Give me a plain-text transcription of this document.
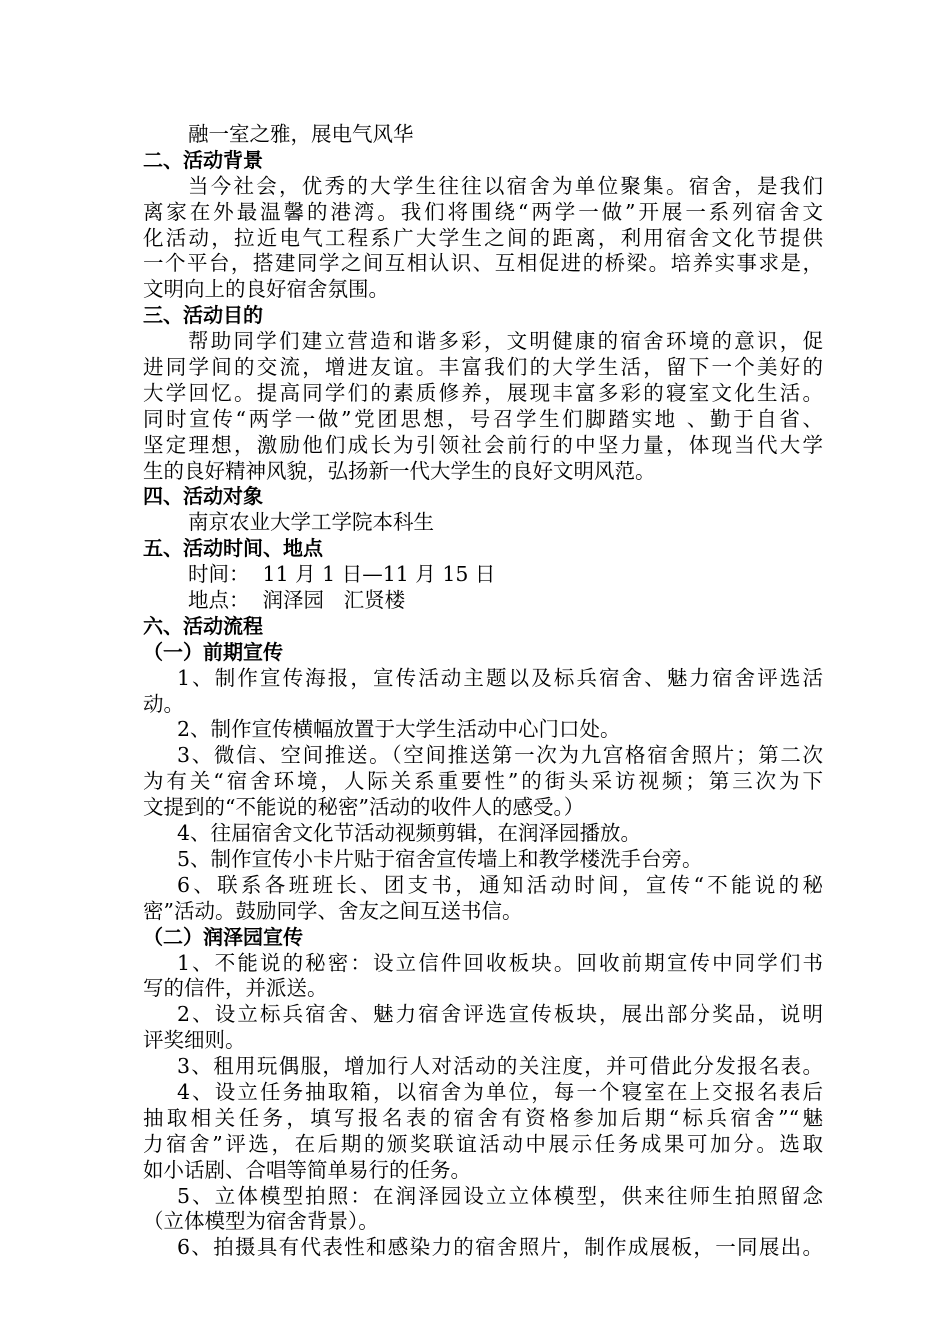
融一室之雅，展电气风华
二、活动背景
当今社会，优秀的大学生往往以宿舍为单位聚集。宿舍，是我们
离家在外最温馨的港湾。我们将围绕“两学一做”开展一系列宿舍文
化活动，拉近电气工程系广大学生之间的距离，利用宿舍文化节提供
一个平台，搭建同学之间互相认识、互相促进的桥梁。培养实事求是，
文明向上的良好宿舍氛围。
三、活动目的
帮助同学们建立营造和谐多彩，文明健康的宿舍环境的意识，促
进同学间的交流，增进友谊。丰富我们的大学生活，留下一个美好的
大学回忆。提高同学们的素质修养，展现丰富多彩的寝室文化生活。
同时宣传“两学一做”党团思想，号召学生们脚踏实地 、勤于自省、
坚定理想，激励他们成长为引领社会前行的中坚力量，体现当代大学
生的良好精神风貌，弘扬新一代大学生的良好文明风范。
四、活动对象
南京农业大学工学院本科生
五、活动时间、地点
时间：  11 月 1 日—11 月 15 日
地点：  润泽园   汇贤楼
六、活动流程
（一）前期宣传
1、制作宣传海报，宣传活动主题以及标兵宿舍、魅力宿舍评选活
动。
2、制作宣传横幅放置于大学生活动中心门口处。
3、微信、空间推送。（空间推送第一次为九宫格宿舍照片；第二次
为有关“宿舍环境，人际关系重要性”的街头采访视频；第三次为下
文提到的“不能说的秘密”活动的收件人的感受。）
4、往届宿舍文化节活动视频剪辑，在润泽园播放。
5、制作宣传小卡片贴于宿舍宣传墙上和教学楼洗手台旁。
6、联系各班班长、团支书，通知活动时间，宣传“不能说的秘
密”活动。鼓励同学、舍友之间互送书信。
（二）润泽园宣传
1、不能说的秘密：设立信件回收板块。回收前期宣传中同学们书
写的信件，并派送。
2、设立标兵宿舍、魅力宿舍评选宣传板块，展出部分奖品，说明
评奖细则。
3、租用玩偶服，增加行人对活动的关注度，并可借此分发报名表。
4、设立任务抽取箱，以宿舍为单位，每一个寝室在上交报名表后
抽取相关任务，填写报名表的宿舍有资格参加后期“标兵宿舍”“魅
力宿舍”评选，在后期的颁奖联谊活动中展示任务成果可加分。选取
如小话剧、合唱等简单易行的任务。
5、立体模型拍照：在润泽园设立立体模型，供来往师生拍照留念
（立体模型为宿舍背景）。
6、拍摄具有代表性和感染力的宿舍照片，制作成展板，一同展出。
